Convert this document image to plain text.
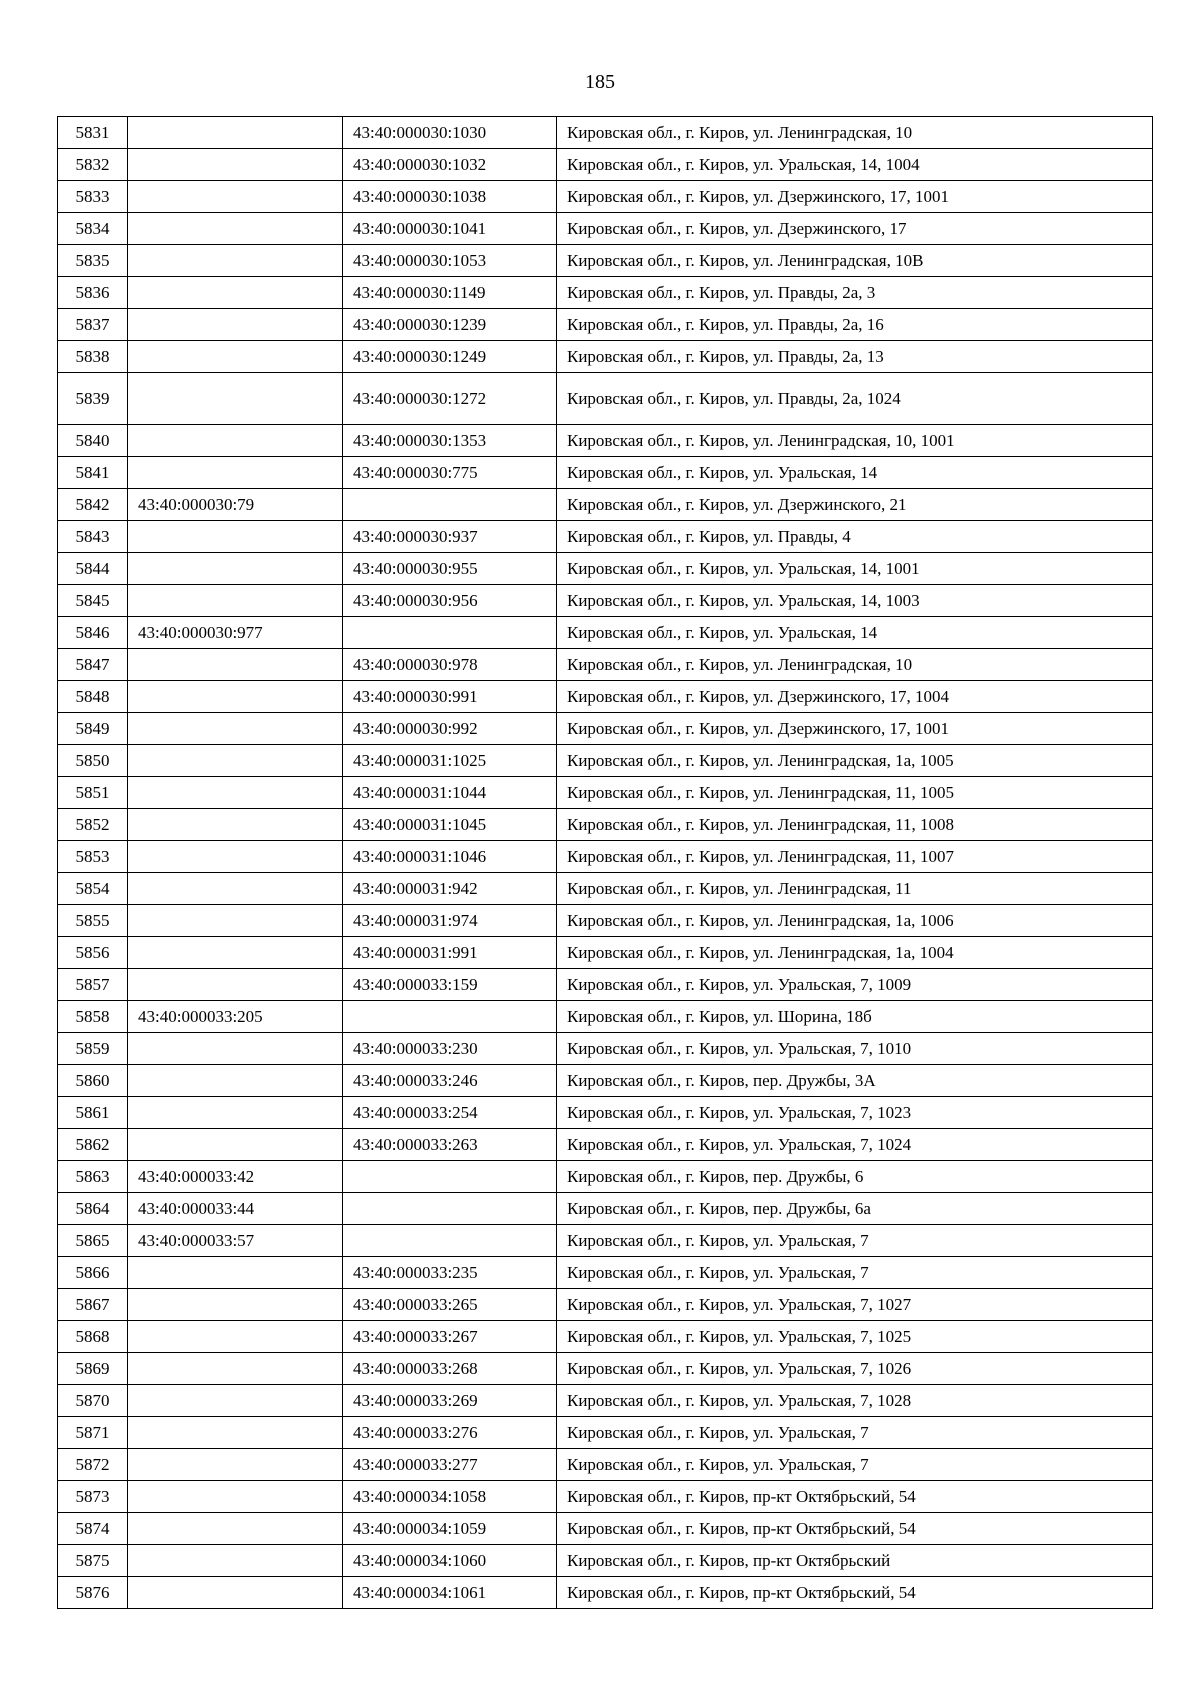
185
5831		43:40:000030:1030	Кировская обл., г. Киров, ул. Ленинградская, 10
5832		43:40:000030:1032	Кировская обл., г. Киров, ул. Уральская, 14, 1004
5833		43:40:000030:1038	Кировская обл., г. Киров, ул. Дзержинского, 17, 1001
5834		43:40:000030:1041	Кировская обл., г. Киров, ул. Дзержинского, 17
5835		43:40:000030:1053	Кировская обл., г. Киров, ул. Ленинградская, 10В
5836		43:40:000030:1149	Кировская обл., г. Киров, ул. Правды, 2а, 3
5837		43:40:000030:1239	Кировская обл., г. Киров, ул. Правды, 2а, 16
5838		43:40:000030:1249	Кировская обл., г. Киров, ул. Правды, 2а, 13
5839		43:40:000030:1272	Кировская обл., г. Киров, ул. Правды, 2а, 1024
5840		43:40:000030:1353	Кировская обл., г. Киров, ул. Ленинградская, 10, 1001
5841		43:40:000030:775	Кировская обл., г. Киров, ул. Уральская, 14
5842	43:40:000030:79		Кировская обл., г. Киров, ул. Дзержинского, 21
5843		43:40:000030:937	Кировская обл., г. Киров, ул. Правды, 4
5844		43:40:000030:955	Кировская обл., г. Киров, ул. Уральская, 14, 1001
5845		43:40:000030:956	Кировская обл., г. Киров, ул. Уральская, 14, 1003
5846	43:40:000030:977		Кировская обл., г. Киров, ул. Уральская, 14
5847		43:40:000030:978	Кировская обл., г. Киров, ул. Ленинградская, 10
5848		43:40:000030:991	Кировская обл., г. Киров, ул. Дзержинского, 17, 1004
5849		43:40:000030:992	Кировская обл., г. Киров, ул. Дзержинского, 17, 1001
5850		43:40:000031:1025	Кировская обл., г. Киров, ул. Ленинградская, 1а, 1005
5851		43:40:000031:1044	Кировская обл., г. Киров, ул. Ленинградская, 11, 1005
5852		43:40:000031:1045	Кировская обл., г. Киров, ул. Ленинградская, 11, 1008
5853		43:40:000031:1046	Кировская обл., г. Киров, ул. Ленинградская, 11, 1007
5854		43:40:000031:942	Кировская обл., г. Киров, ул. Ленинградская, 11
5855		43:40:000031:974	Кировская обл., г. Киров, ул. Ленинградская, 1а, 1006
5856		43:40:000031:991	Кировская обл., г. Киров, ул. Ленинградская, 1а, 1004
5857		43:40:000033:159	Кировская обл., г. Киров, ул. Уральская, 7, 1009
5858	43:40:000033:205		Кировская обл., г. Киров, ул. Шорина, 18б
5859		43:40:000033:230	Кировская обл., г. Киров, ул. Уральская, 7, 1010
5860		43:40:000033:246	Кировская обл., г. Киров, пер. Дружбы, 3А
5861		43:40:000033:254	Кировская обл., г. Киров, ул. Уральская, 7, 1023
5862		43:40:000033:263	Кировская обл., г. Киров, ул. Уральская, 7, 1024
5863	43:40:000033:42		Кировская обл., г. Киров, пер. Дружбы, 6
5864	43:40:000033:44		Кировская обл., г. Киров, пер. Дружбы, 6а
5865	43:40:000033:57		Кировская обл., г. Киров, ул. Уральская, 7
5866		43:40:000033:235	Кировская обл., г. Киров, ул. Уральская, 7
5867		43:40:000033:265	Кировская обл., г. Киров, ул. Уральская, 7, 1027
5868		43:40:000033:267	Кировская обл., г. Киров, ул. Уральская, 7, 1025
5869		43:40:000033:268	Кировская обл., г. Киров, ул. Уральская, 7, 1026
5870		43:40:000033:269	Кировская обл., г. Киров, ул. Уральская, 7, 1028
5871		43:40:000033:276	Кировская обл., г. Киров, ул. Уральская, 7
5872		43:40:000033:277	Кировская обл., г. Киров, ул. Уральская, 7
5873		43:40:000034:1058	Кировская обл., г. Киров, пр-кт Октябрьский, 54
5874		43:40:000034:1059	Кировская обл., г. Киров, пр-кт Октябрьский, 54
5875		43:40:000034:1060	Кировская обл., г. Киров, пр-кт Октябрьский
5876		43:40:000034:1061	Кировская обл., г. Киров, пр-кт Октябрьский, 54
